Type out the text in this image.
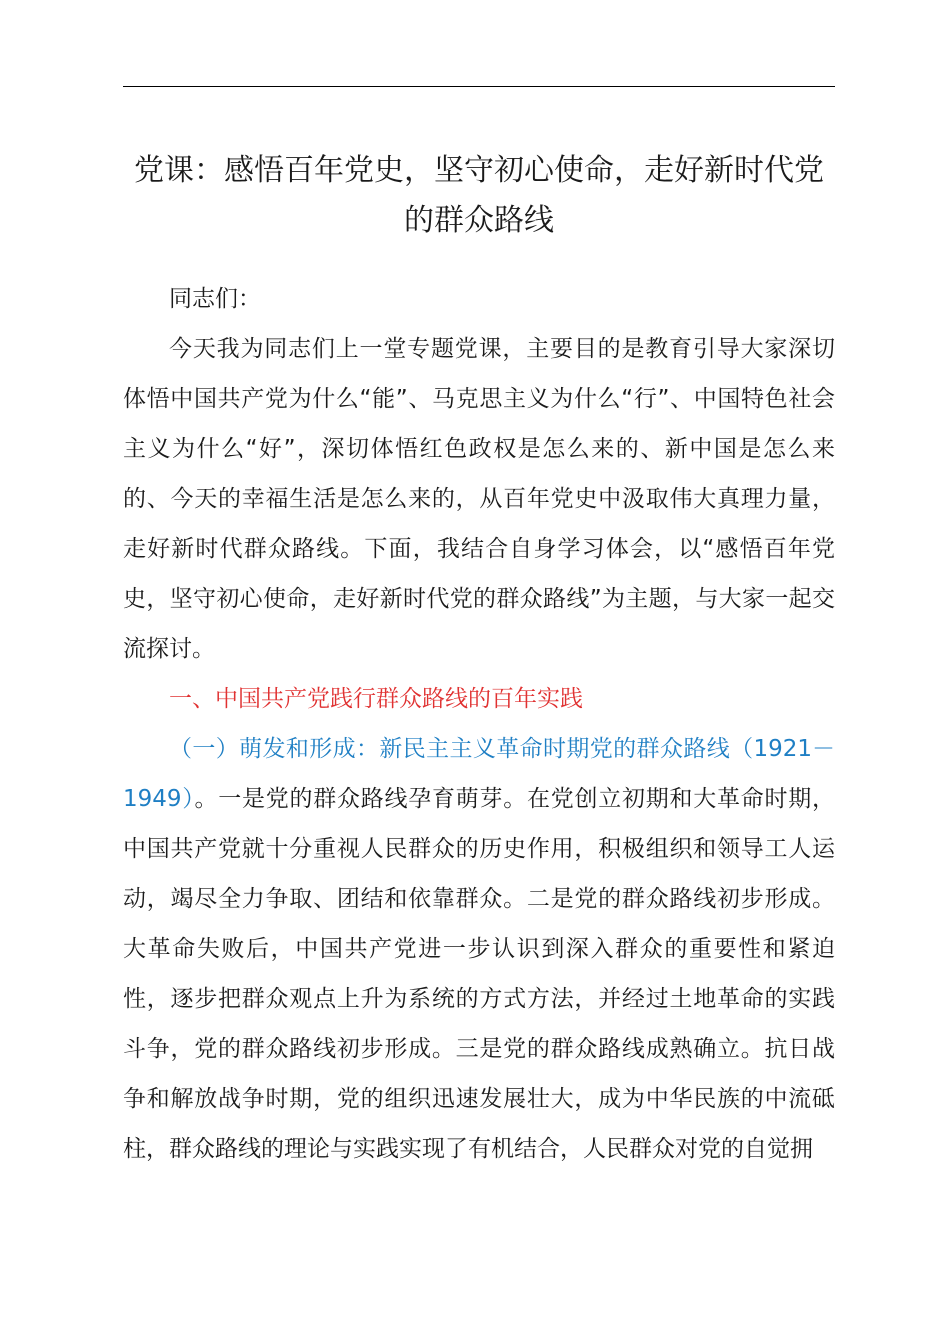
党课：感悟百年党史，坚守初心使命，走好新时代党的群众路线

同志们：

今天我为同志们上一堂专题党课，主要目的是教育引导大家深切体悟中国共产党为什么“能”、马克思主义为什么“行”、中国特色社会主义为什么“好”，深切体悟红色政权是怎么来的、新中国是怎么来的、今天的幸福生活是怎么来的，从百年党史中汲取伟大真理力量，走好新时代群众路线。下面，我结合自身学习体会，以“感悟百年党史，坚守初心使命，走好新时代党的群众路线”为主题，与大家一起交流探讨。

一、中国共产党践行群众路线的百年实践

（一）萌发和形成：新民主主义革命时期党的群众路线（1921－1949）。一是党的群众路线孕育萌芽。在党创立初期和大革命时期，中国共产党就十分重视人民群众的历史作用，积极组织和领导工人运动，竭尽全力争取、团结和依靠群众。二是党的群众路线初步形成。大革命失败后，中国共产党进一步认识到深入群众的重要性和紧迫性，逐步把群众观点上升为系统的方式方法，并经过土地革命的实践斗争，党的群众路线初步形成。三是党的群众路线成熟确立。抗日战争和解放战争时期，党的组织迅速发展壮大，成为中华民族的中流砥柱，群众路线的理论与实践实现了有机结合，人民群众对党的自觉拥
